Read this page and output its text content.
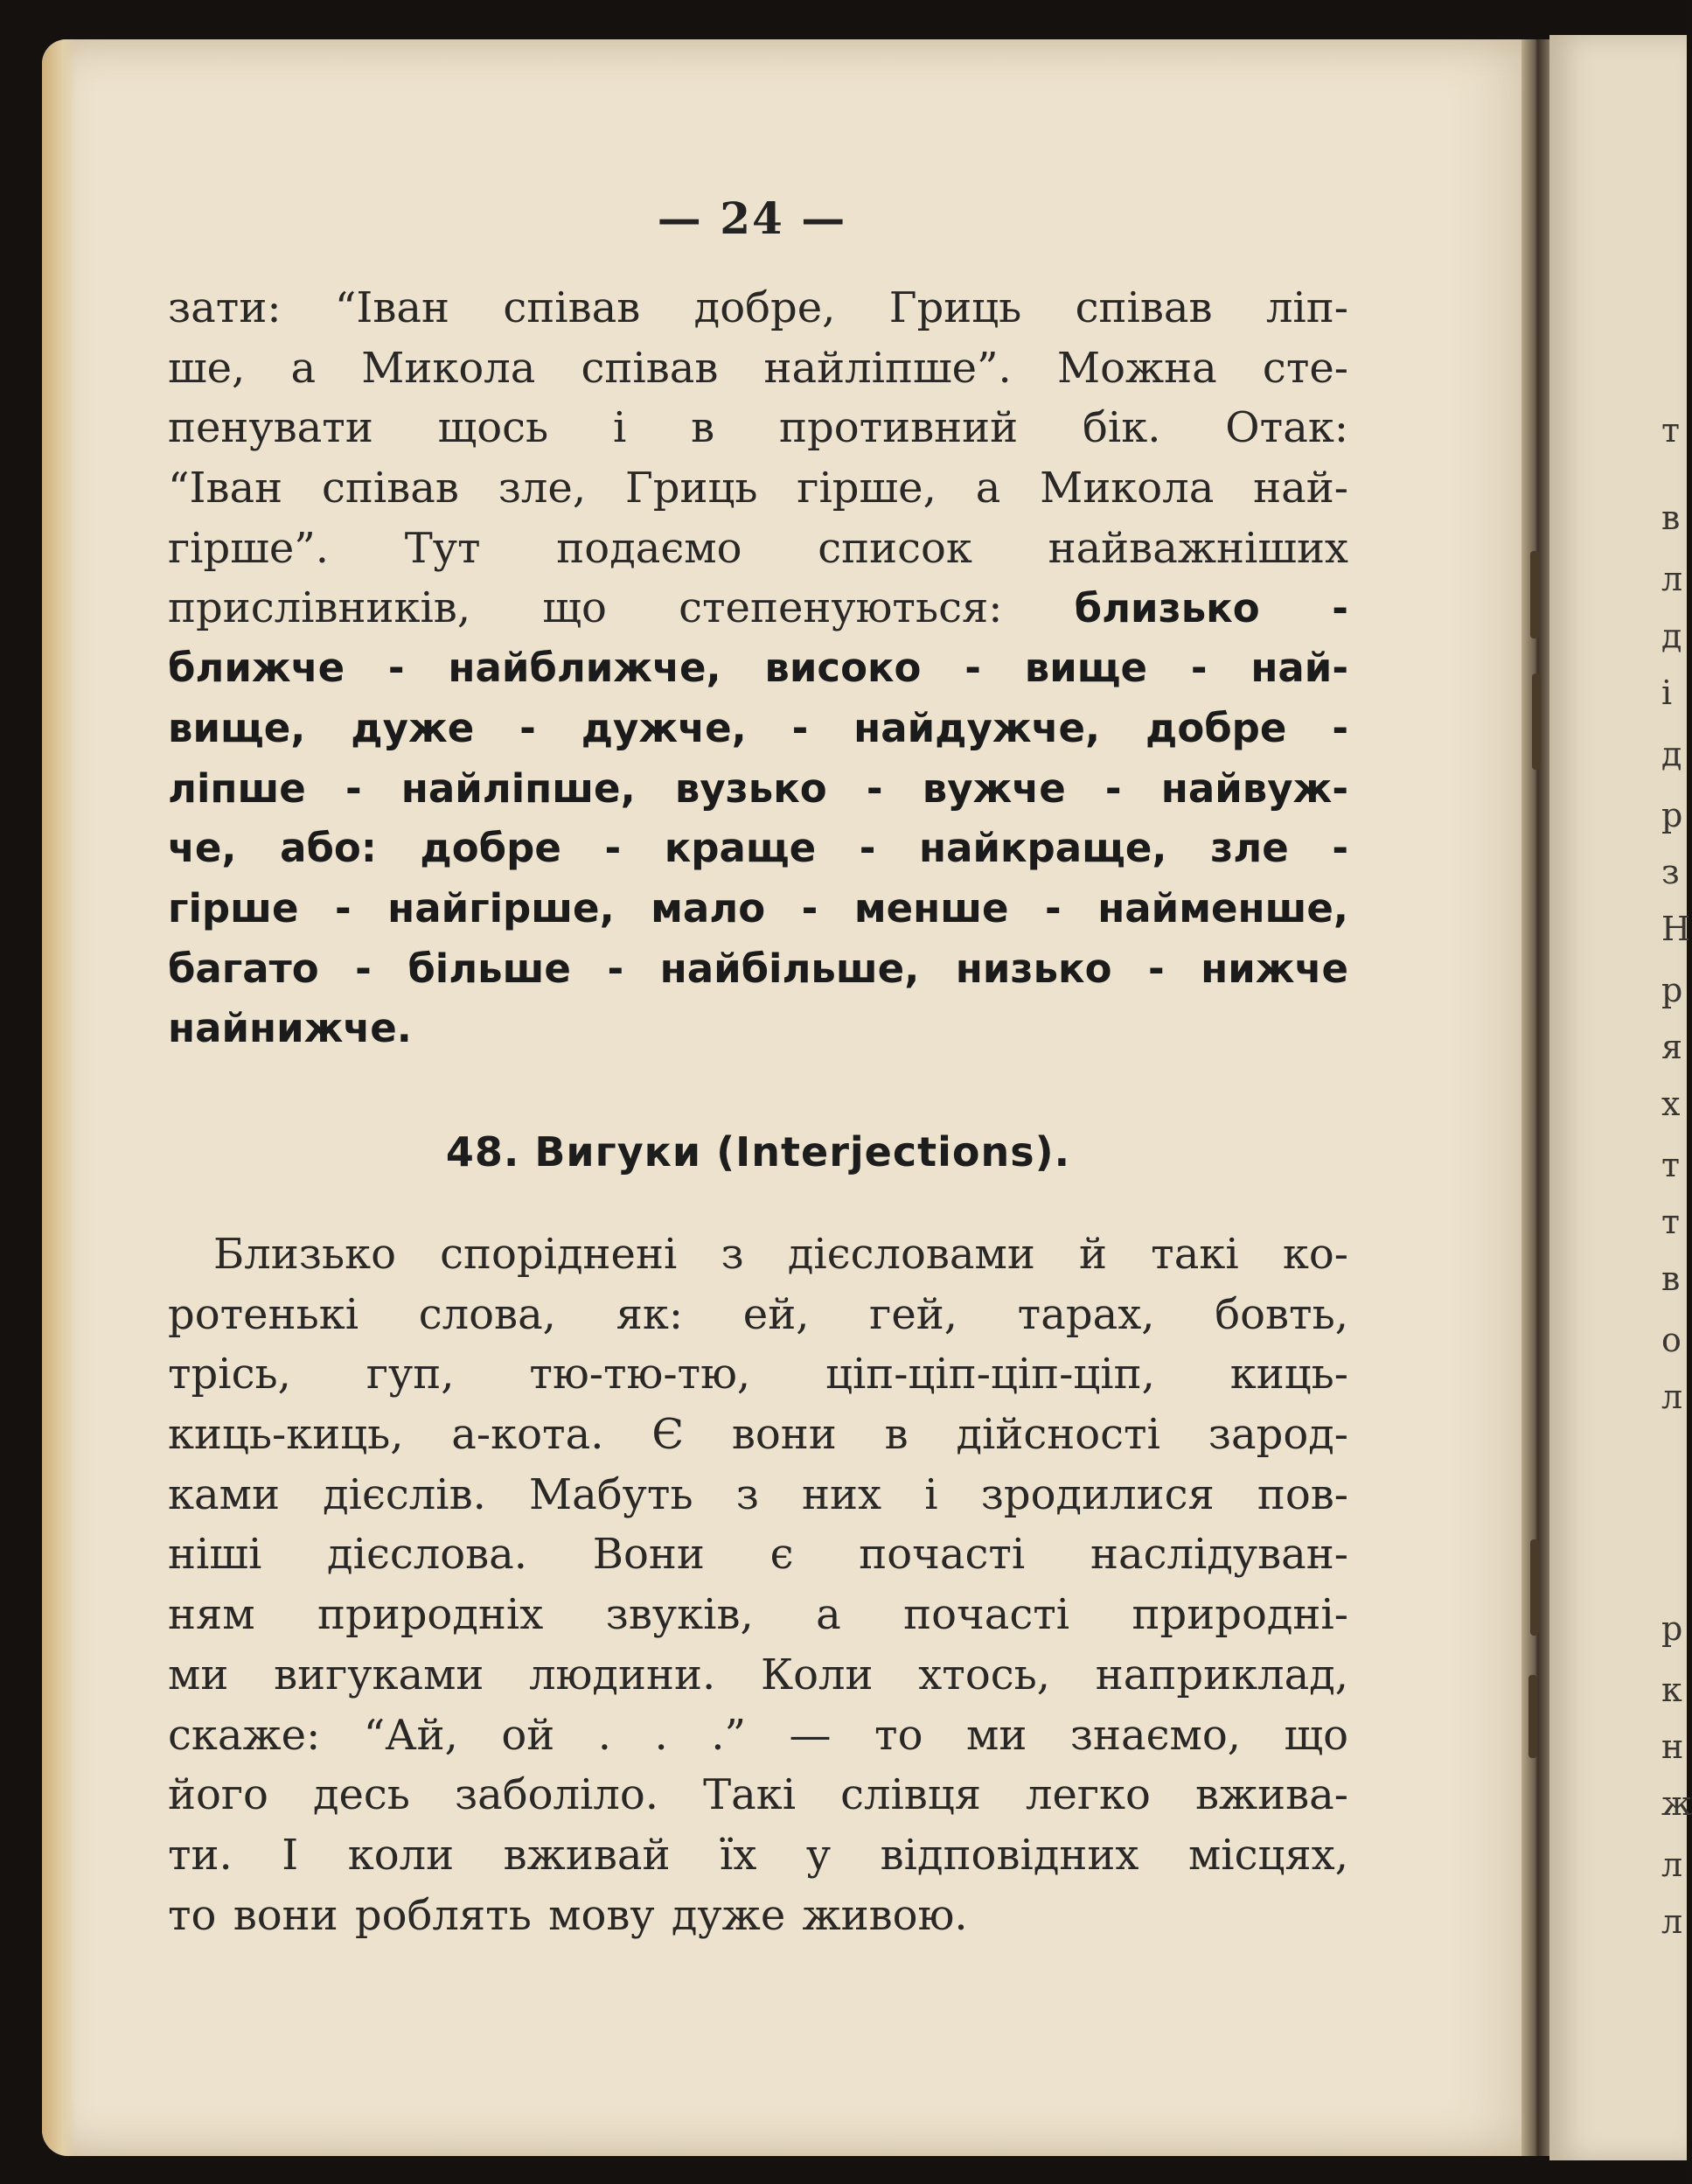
— 24 —
зати: “Іван співав добре, Гриць співав ліп-
ше, а Микола співав найліпше”. Можна сте-
пенувати щось і в противний бік. Отак:
“Іван співав зле, Гриць гірше, а Микола най-
гірше”. Тут подаємо список найважніших
прислівників, що степенуються: близько -
ближче - найближче, високо - вище - най-
вище, дуже - дужче, - найдужче, добре -
ліпше - найліпше, вузько - вужче - найвуж-
че, або: добре - краще - найкраще, зле -
гірше - найгірше, мало - менше - найменше,
багато - більше - найбільше, низько - нижче
найнижче.
48. Вигуки (Interjections).
Близько споріднені з дієсловами й такі ко-
ротенькі слова, як: ей, гей, тарах, бовть,
трісь, гуп, тю-тю-тю, ціп-ціп-ціп-ціп, киць-
киць-киць, а-кота. Є вони в дійсності зарод-
ками дієслів. Мабуть з них і зродилися пов-
ніші дієслова. Вони є почасті наслідуван-
ням природніх звуків, а почасті природні-
ми вигуками людини. Коли хтось, наприклад,
скаже: “Ай, ой . . .” — то ми знаємо, що
його десь заболіло. Такі слівця легко вжива-
ти. І коли вживай їх у відповідних місцях,
то вони роблять мову дуже живою.
т
в
л
д
і
д
р
з
Н
р
я
х
т
т
в
о
л
р
к
н
ж
л
л
